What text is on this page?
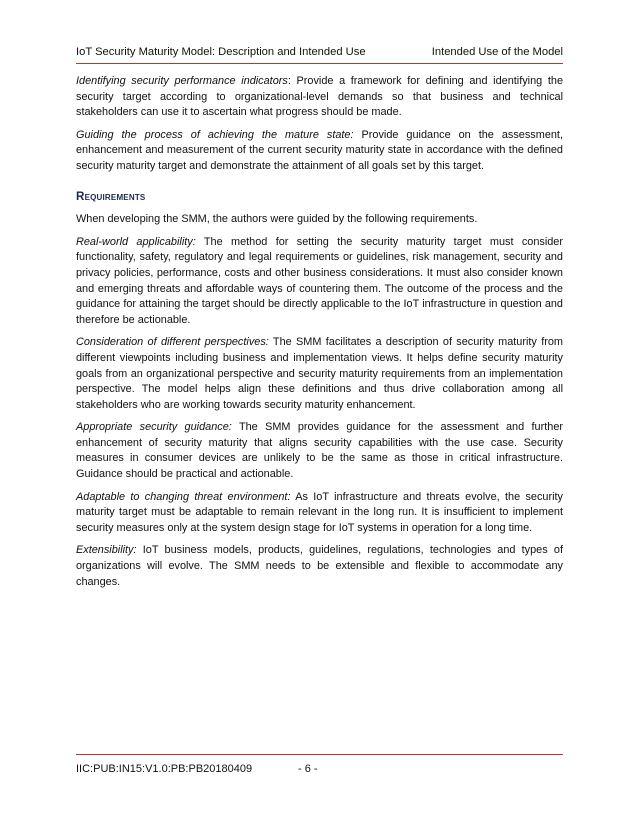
IoT Security Maturity Model: Description and Intended Use	Intended Use of the Model

Identifying security performance indicators: Provide a framework for defining and identifying the security target according to organizational-level demands so that business and technical stakeholders can use it to ascertain what progress should be made.

Guiding the process of achieving the mature state: Provide guidance on the assessment, enhancement and measurement of the current security maturity state in accordance with the defined security maturity target and demonstrate the attainment of all goals set by this target.

Requirements

When developing the SMM, the authors were guided by the following requirements.

Real-world applicability: The method for setting the security maturity target must consider functionality, safety, regulatory and legal requirements or guidelines, risk management, security and privacy policies, performance, costs and other business considerations. It must also consider known and emerging threats and affordable ways of countering them. The outcome of the process and the guidance for attaining the target should be directly applicable to the IoT infrastructure in question and therefore be actionable.

Consideration of different perspectives: The SMM facilitates a description of security maturity from different viewpoints including business and implementation views. It helps define security maturity goals from an organizational perspective and security maturity requirements from an implementation perspective. The model helps align these definitions and thus drive collaboration among all stakeholders who are working towards security maturity enhancement.

Appropriate security guidance: The SMM provides guidance for the assessment and further enhancement of security maturity that aligns security capabilities with the use case. Security measures in consumer devices are unlikely to be the same as those in critical infrastructure. Guidance should be practical and actionable.

Adaptable to changing threat environment: As IoT infrastructure and threats evolve, the security maturity target must be adaptable to remain relevant in the long run. It is insufficient to implement security measures only at the system design stage for IoT systems in operation for a long time.

Extensibility: IoT business models, products, guidelines, regulations, technologies and types of organizations will evolve. The SMM needs to be extensible and flexible to accommodate any changes.

IIC:PUB:IN15:V1.0:PB:PB20180409	- 6 -
